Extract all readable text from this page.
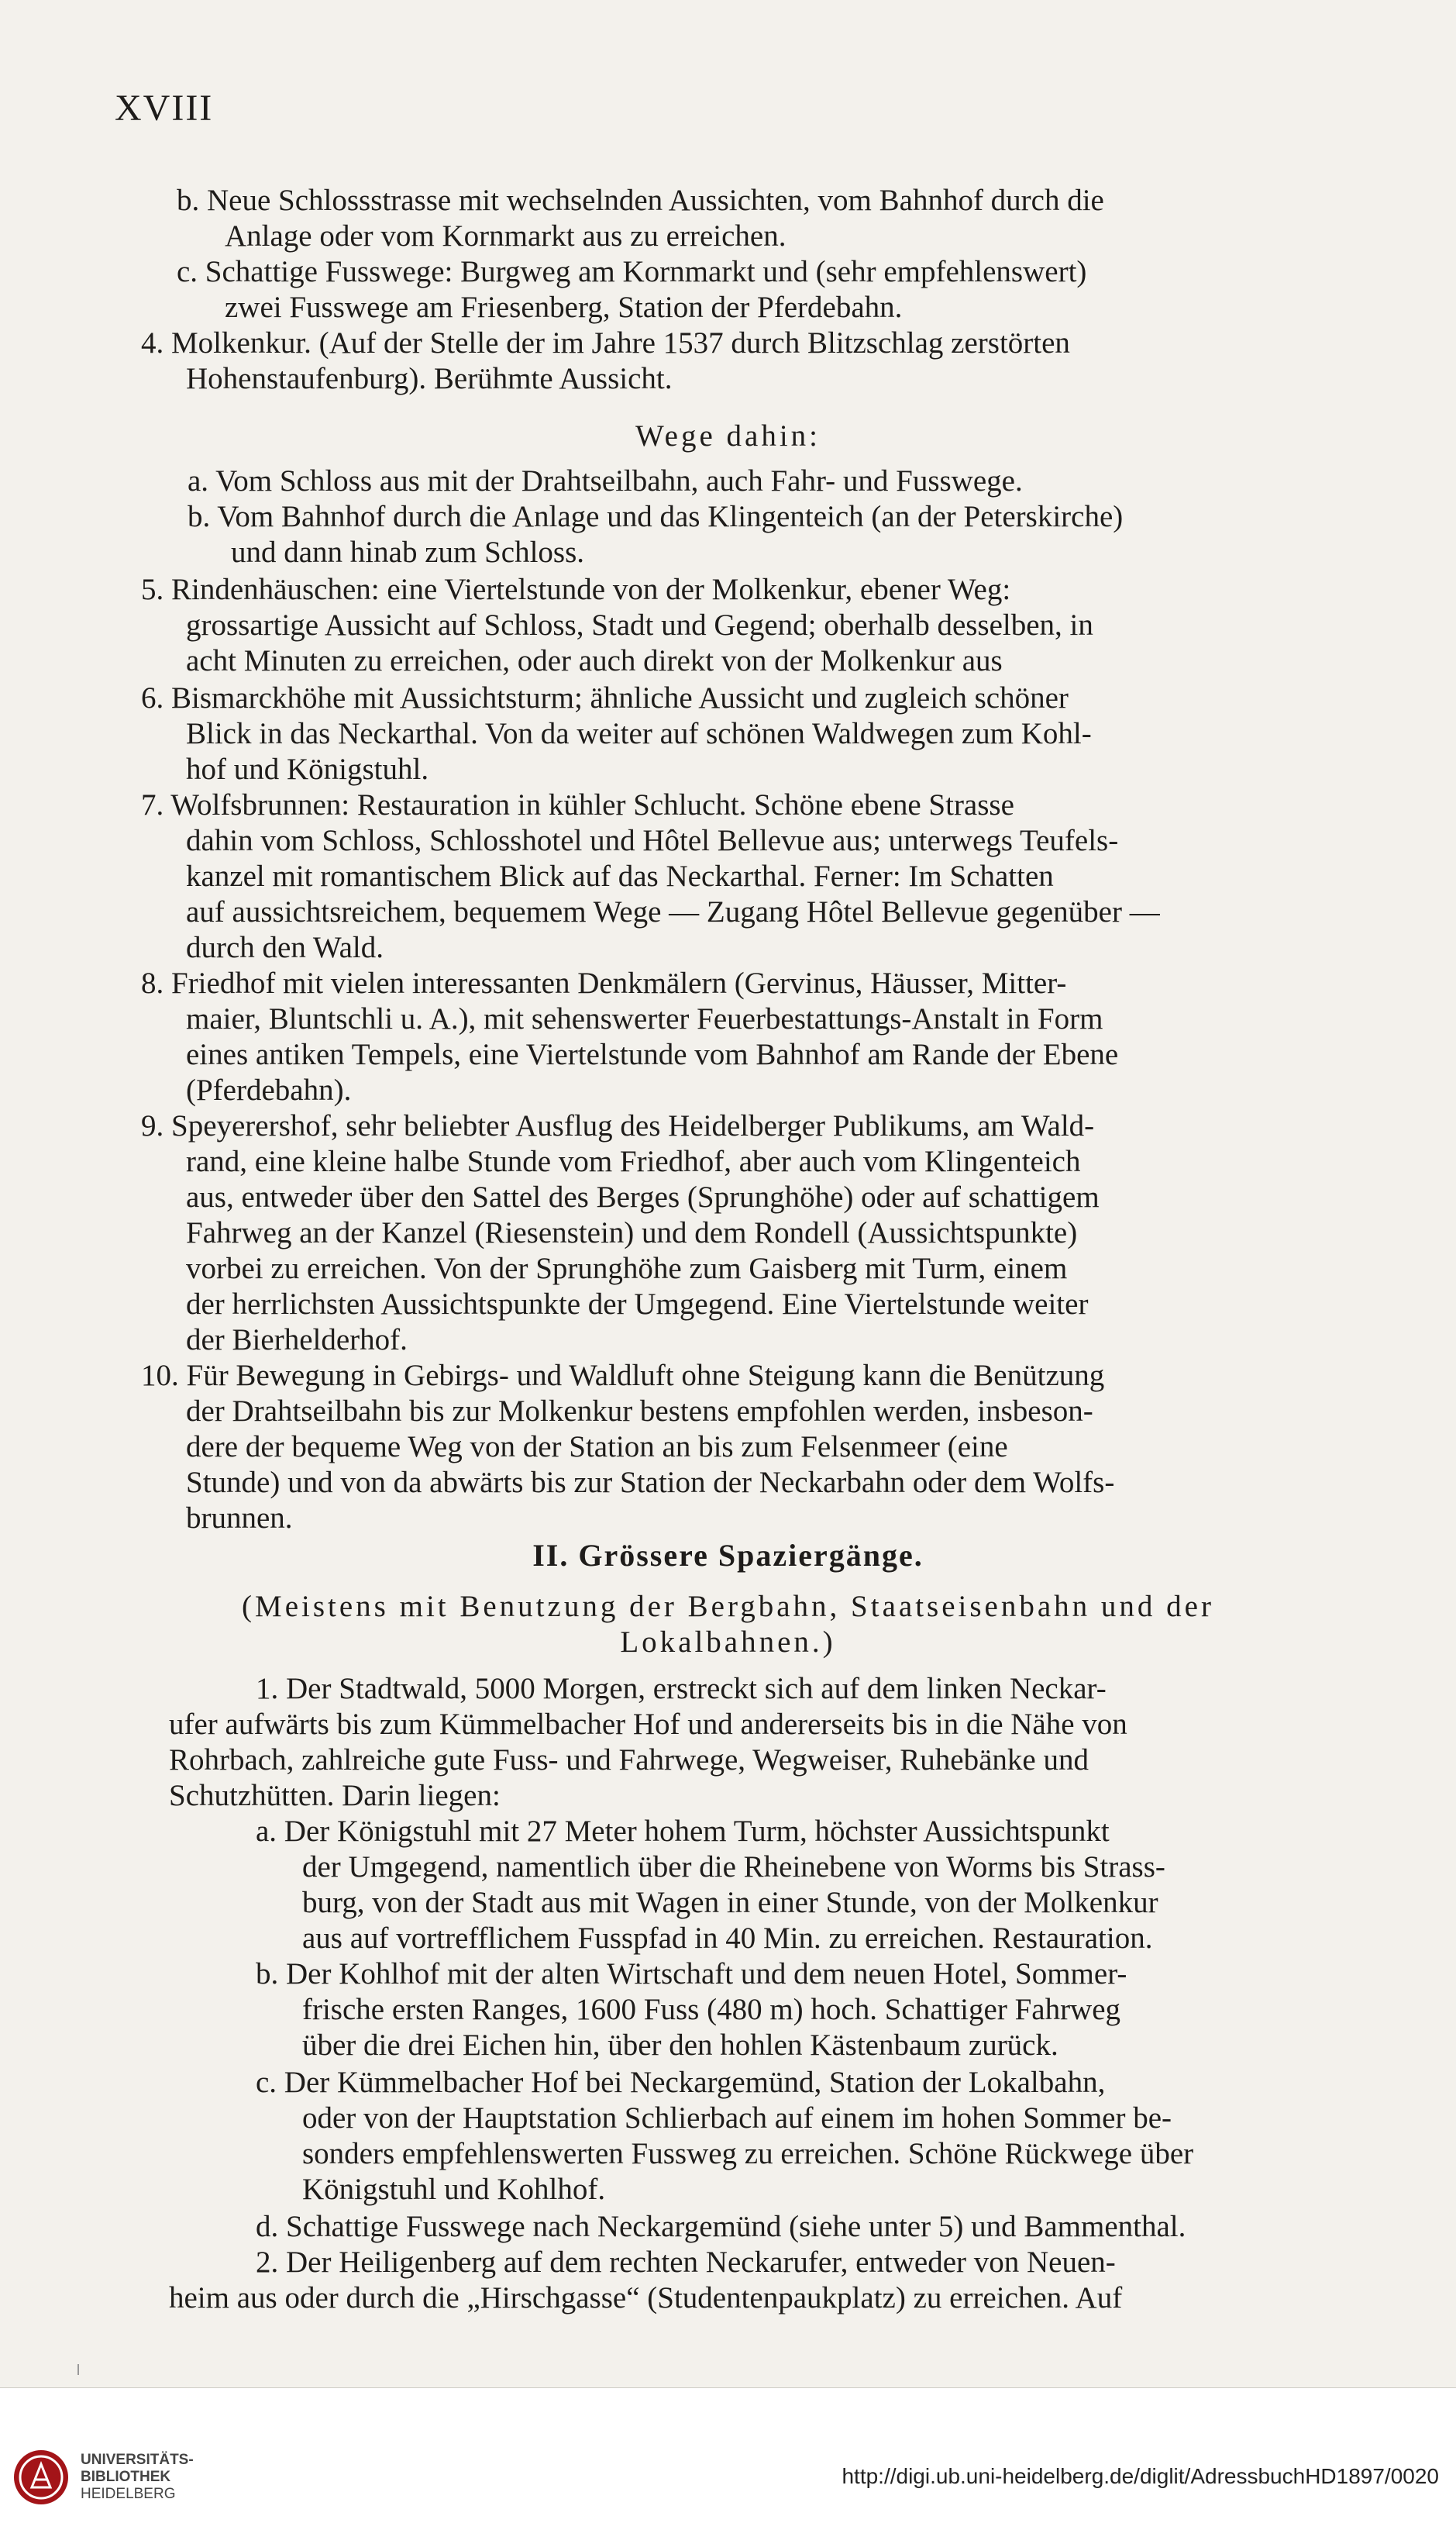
XVIII
b. Neue Schlossstrasse mit wechselnden Aussichten, vom Bahnhof durch die
Anlage oder vom Kornmarkt aus zu erreichen.
c. Schattige Fusswege: Burgweg am Kornmarkt und (sehr empfehlenswert)
zwei Fusswege am Friesenberg, Station der Pferdebahn.
4. Molkenkur. (Auf der Stelle der im Jahre 1537 durch Blitzschlag zerstörten
Hohenstaufenburg). Berühmte Aussicht.
Wege dahin:
a. Vom Schloss aus mit der Drahtseilbahn, auch Fahr- und Fusswege.
b. Vom Bahnhof durch die Anlage und das Klingenteich (an der Peterskirche)
und dann hinab zum Schloss.
5. Rindenhäuschen: eine Viertelstunde von der Molkenkur, ebener Weg:
grossartige Aussicht auf Schloss, Stadt und Gegend; oberhalb desselben, in
acht Minuten zu erreichen, oder auch direkt von der Molkenkur aus
6. Bismarckhöhe mit Aussichtsturm; ähnliche Aussicht und zugleich schöner
Blick in das Neckarthal. Von da weiter auf schönen Waldwegen zum Kohl-
hof und Königstuhl.
7. Wolfsbrunnen: Restauration in kühler Schlucht. Schöne ebene Strasse
dahin vom Schloss, Schlosshotel und Hôtel Bellevue aus; unterwegs Teufels-
kanzel mit romantischem Blick auf das Neckarthal. Ferner: Im Schatten
auf aussichtsreichem, bequemem Wege — Zugang Hôtel Bellevue gegenüber —
durch den Wald.
8. Friedhof mit vielen interessanten Denkmälern (Gervinus, Häusser, Mitter-
maier, Bluntschli u. A.), mit sehenswerter Feuerbestattungs-Anstalt in Form
eines antiken Tempels, eine Viertelstunde vom Bahnhof am Rande der Ebene
(Pferdebahn).
9. Speyerershof, sehr beliebter Ausflug des Heidelberger Publikums, am Wald-
rand, eine kleine halbe Stunde vom Friedhof, aber auch vom Klingenteich
aus, entweder über den Sattel des Berges (Sprunghöhe) oder auf schattigem
Fahrweg an der Kanzel (Riesenstein) und dem Rondell (Aussichtspunkte)
vorbei zu erreichen. Von der Sprunghöhe zum Gaisberg mit Turm, einem
der herrlichsten Aussichtspunkte der Umgegend. Eine Viertelstunde weiter
der Bierhelderhof.
10. Für Bewegung in Gebirgs- und Waldluft ohne Steigung kann die Benützung
der Drahtseilbahn bis zur Molkenkur bestens empfohlen werden, insbeson-
dere der bequeme Weg von der Station an bis zum Felsenmeer (eine
Stunde) und von da abwärts bis zur Station der Neckarbahn oder dem Wolfs-
brunnen.
II. Grössere Spaziergänge.
(Meistens mit Benutzung der Bergbahn, Staatseisenbahn und der
Lokalbahnen.)
1. Der Stadtwald, 5000 Morgen, erstreckt sich auf dem linken Neckar-
ufer aufwärts bis zum Kümmelbacher Hof und andererseits bis in die Nähe von
Rohrbach, zahlreiche gute Fuss- und Fahrwege, Wegweiser, Ruhebänke und
Schutzhütten. Darin liegen:
a. Der Königstuhl mit 27 Meter hohem Turm, höchster Aussichtspunkt
der Umgegend, namentlich über die Rheinebene von Worms bis Strass-
burg, von der Stadt aus mit Wagen in einer Stunde, von der Molkenkur
aus auf vortrefflichem Fusspfad in 40 Min. zu erreichen. Restauration.
b. Der Kohlhof mit der alten Wirtschaft und dem neuen Hotel, Sommer-
frische ersten Ranges, 1600 Fuss (480 m) hoch. Schattiger Fahrweg
über die drei Eichen hin, über den hohlen Kästenbaum zurück.
c. Der Kümmelbacher Hof bei Neckargemünd, Station der Lokalbahn,
oder von der Hauptstation Schlierbach auf einem im hohen Sommer be-
sonders empfehlenswerten Fussweg zu erreichen. Schöne Rückwege über
Königstuhl und Kohlhof.
d. Schattige Fusswege nach Neckargemünd (siehe unter 5) und Bammenthal.
2. Der Heiligenberg auf dem rechten Neckarufer, entweder von Neuen-
heim aus oder durch die „Hirschgasse“ (Studentenpaukplatz) zu erreichen. Auf
UNIVERSITÄTS-
BIBLIOTHEK
HEIDELBERG
http://digi.ub.uni-heidelberg.de/diglit/AdressbuchHD1897/0020
